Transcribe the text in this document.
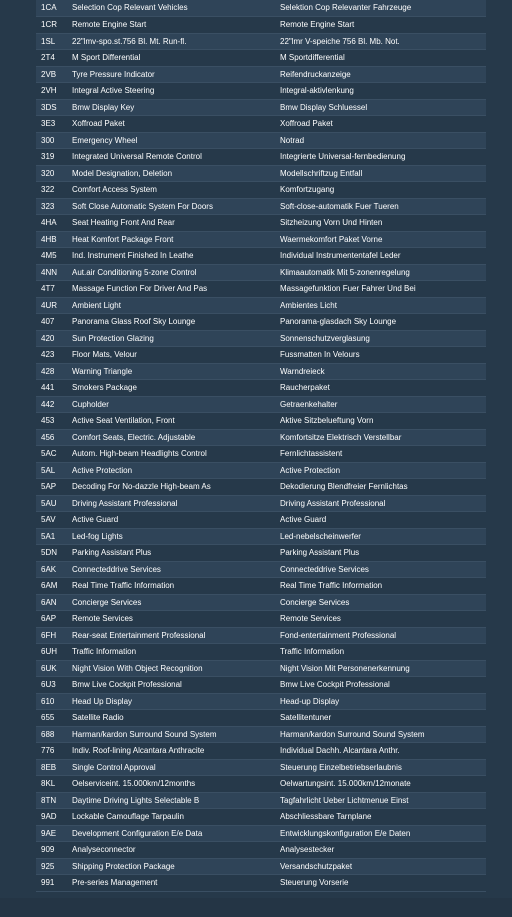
1CA	Selection Cop Relevant Vehicles	Selektion Cop Relevanter Fahrzeuge
1CR	Remote Engine Start	Remote Engine Start
1SL	22"lmv-spo.st.756 Bl. Mt. Run-fl.	22"lmr V-speiche 756 Bl. Mb. Not.
2T4	M Sport Differential	M Sportdifferential
2VB	Tyre Pressure Indicator	Reifendruckanzeige
2VH	Integral Active Steering	Integral-aktivlenkung
3DS	Bmw Display Key	Bmw Display Schluessel
3E3	Xoffroad Paket	Xoffroad Paket
300	Emergency Wheel	Notrad
319	Integrated Universal Remote Control	Integrierte Universal-fernbedienung
320	Model Designation, Deletion	Modellschriftzug Entfall
322	Comfort Access System	Komfortzugang
323	Soft Close Automatic System For Doors	Soft-close-automatik Fuer Tueren
4HA	Seat Heating Front And Rear	Sitzheizung Vorn Und Hinten
4HB	Heat Komfort Package Front	Waermekomfort Paket Vorne
4M5	Ind. Instrument Finished In Leathe	Individual Instrumententafel Leder
4NN	Aut.air Conditioning 5-zone Control	Klimaautomatik Mit 5-zonenregelung
4T7	Massage Function For Driver And Pas	Massagefunktion Fuer Fahrer Und Bei
4UR	Ambient Light	Ambientes Licht
407	Panorama Glass Roof Sky Lounge	Panorama-glasdach Sky Lounge
420	Sun Protection Glazing	Sonnenschutzverglasung
423	Floor Mats, Velour	Fussmatten In Velours
428	Warning Triangle	Warndreieck
441	Smokers Package	Raucherpaket
442	Cupholder	Getraenkehalter
453	Active Seat Ventilation, Front	Aktive Sitzbelueftung Vorn
456	Comfort Seats, Electric. Adjustable	Komfortsitze Elektrisch Verstellbar
5AC	Autom. High-beam Headlights Control	Fernlichtassistent
5AL	Active Protection	Active Protection
5AP	Decoding For No-dazzle High-beam As	Dekodierung Blendfreier Fernlichtas
5AU	Driving Assistant Professional	Driving Assistant Professional
5AV	Active Guard	Active Guard
5A1	Led-fog Lights	Led-nebelscheinwerfer
5DN	Parking Assistant Plus	Parking Assistant Plus
6AK	Connecteddrive Services	Connecteddrive Services
6AM	Real Time Traffic Information	Real Time Traffic Information
6AN	Concierge Services	Concierge Services
6AP	Remote Services	Remote Services
6FH	Rear-seat Entertainment Professional	Fond-entertainment Professional
6UH	Traffic Information	Traffic Information
6UK	Night Vision With Object Recognition	Night Vision Mit Personenerkennung
6U3	Bmw Live Cockpit Professional	Bmw Live Cockpit Professional
610	Head Up Display	Head-up Display
655	Satellite Radio	Satellitentuner
688	Harman/kardon Surround Sound System	Harman/kardon Surround Sound System
776	Indiv. Roof-lining Alcantara Anthracite	Individual Dachh. Alcantara Anthr.
8EB	Single Control Approval	Steuerung Einzelbetriebserlaubnis
8KL	Oelserviceint. 15.000km/12months	Oelwartungsint. 15.000km/12monate
8TN	Daytime Driving Lights Selectable B	Tagfahrlicht Ueber Lichtmenue Einst
9AD	Lockable Camouflage Tarpaulin	Abschliessbare Tarnplane
9AE	Development Configuration E/e Data	Entwicklungskonfiguration E/e Daten
909	Analyseconnector	Analysestecker
925	Shipping Protection Package	Versandschutzpaket
991	Pre-series Management	Steuerung Vorserie
